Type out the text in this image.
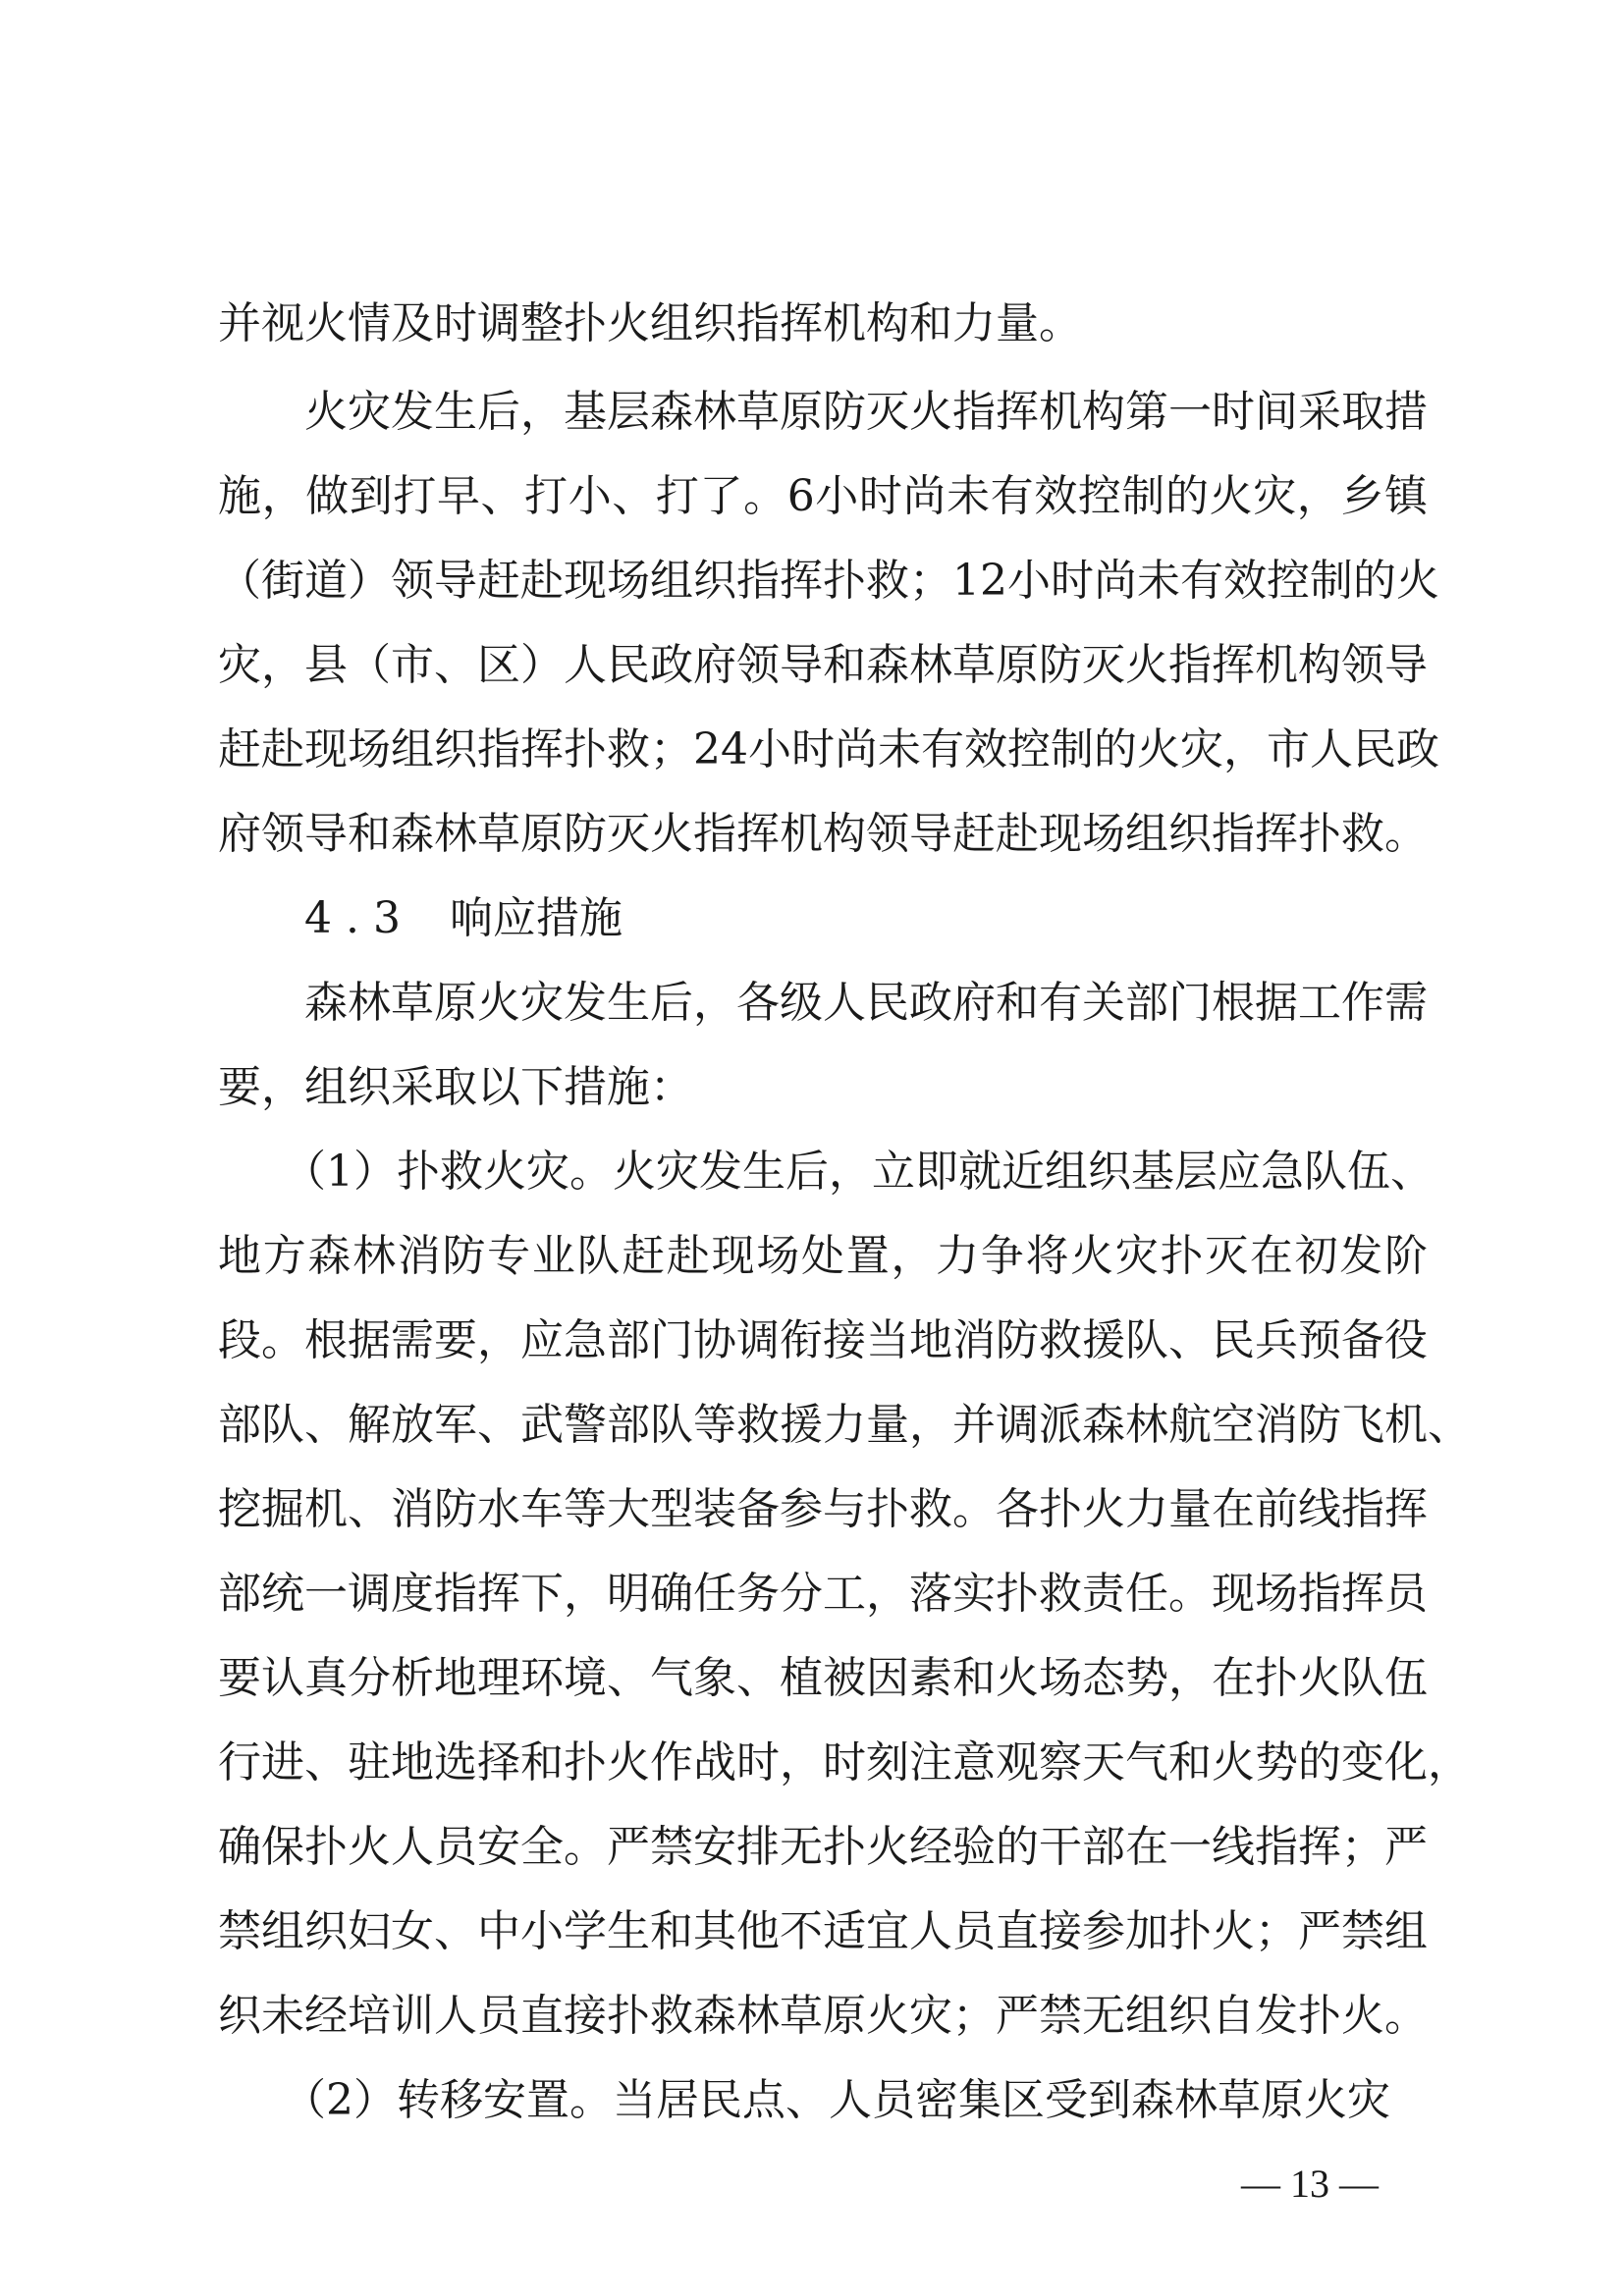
并视火情及时调整扑火组织指挥机构和力量。
　　火灾发生后，基层森林草原防灭火指挥机构第一时间采取措
施，做到打早、打小、打了。6小时尚未有效控制的火灾，乡镇
（街道）领导赶赴现场组织指挥扑救；12小时尚未有效控制的火
灾，县（市、区）人民政府领导和森林草原防灭火指挥机构领导
赶赴现场组织指挥扑救；24小时尚未有效控制的火灾，市人民政
府领导和森林草原防灭火指挥机构领导赶赴现场组织指挥扑救。
4.3 响应措施
　　森林草原火灾发生后，各级人民政府和有关部门根据工作需
要，组织采取以下措施：
　　（1）扑救火灾。火灾发生后，立即就近组织基层应急队伍、
地方森林消防专业队赶赴现场处置，力争将火灾扑灭在初发阶
段。根据需要，应急部门协调衔接当地消防救援队、民兵预备役
部队、解放军、武警部队等救援力量，并调派森林航空消防飞机、
挖掘机、消防水车等大型装备参与扑救。各扑火力量在前线指挥
部统一调度指挥下，明确任务分工，落实扑救责任。现场指挥员
要认真分析地理环境、气象、植被因素和火场态势，在扑火队伍
行进、驻地选择和扑火作战时，时刻注意观察天气和火势的变化，
确保扑火人员安全。严禁安排无扑火经验的干部在一线指挥；严
禁组织妇女、中小学生和其他不适宜人员直接参加扑火；严禁组
织未经培训人员直接扑救森林草原火灾；严禁无组织自发扑火。
　　（2）转移安置。当居民点、人员密集区受到森林草原火灾
— 13 —
